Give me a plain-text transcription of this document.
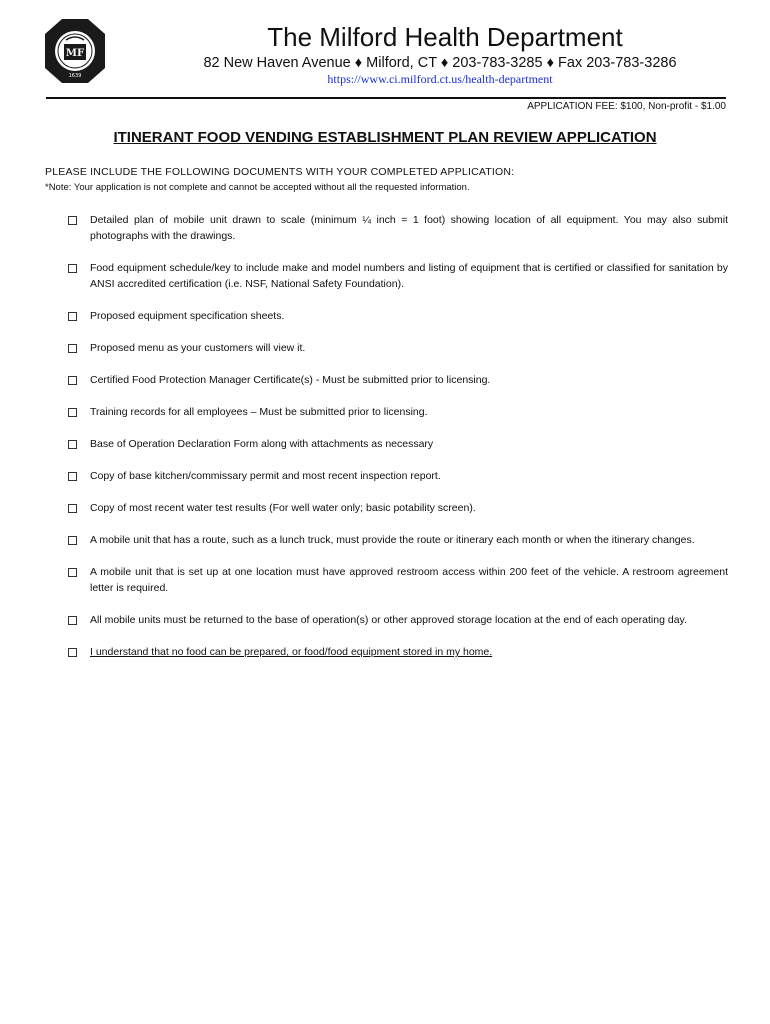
MF
1639
The Milford Health Department
82 New Haven Avenue ♦ Milford, CT ♦ 203-783-3285 ♦ Fax 203-783-3286
https://www.ci.milford.ct.us/health-department
APPLICATION FEE: $100, Non-profit - $1.00
ITINERANT FOOD VENDING ESTABLISHMENT PLAN REVIEW APPLICATION
PLEASE INCLUDE THE FOLLOWING DOCUMENTS WITH YOUR COMPLETED APPLICATION:
*Note: Your application is not complete and cannot be accepted without all the requested information.
Detailed plan of mobile unit drawn to scale (minimum ¼ inch = 1 foot) showing location of all equipment. You may also submit photographs with the drawings.
Food equipment schedule/key to include make and model numbers and listing of equipment that is certified or classified for sanitation by ANSI accredited certification (i.e. NSF, National Safety Foundation).
Proposed equipment specification sheets.
Proposed menu as your customers will view it.
Certified Food Protection Manager Certificate(s) - Must be submitted prior to licensing.
Training records for all employees – Must be submitted prior to licensing.
Base of Operation Declaration Form along with attachments as necessary
Copy of base kitchen/commissary permit and most recent inspection report.
Copy of most recent water test results (For well water only; basic potability screen).
A mobile unit that has a route, such as a lunch truck, must provide the route or itinerary each month or when the itinerary changes.
A mobile unit that is set up at one location must have approved restroom access within 200 feet of the vehicle. A restroom agreement letter is required.
All mobile units must be returned to the base of operation(s) or other approved storage location at the end of each operating day.
I understand that no food can be prepared, or food/food equipment stored in my home.
